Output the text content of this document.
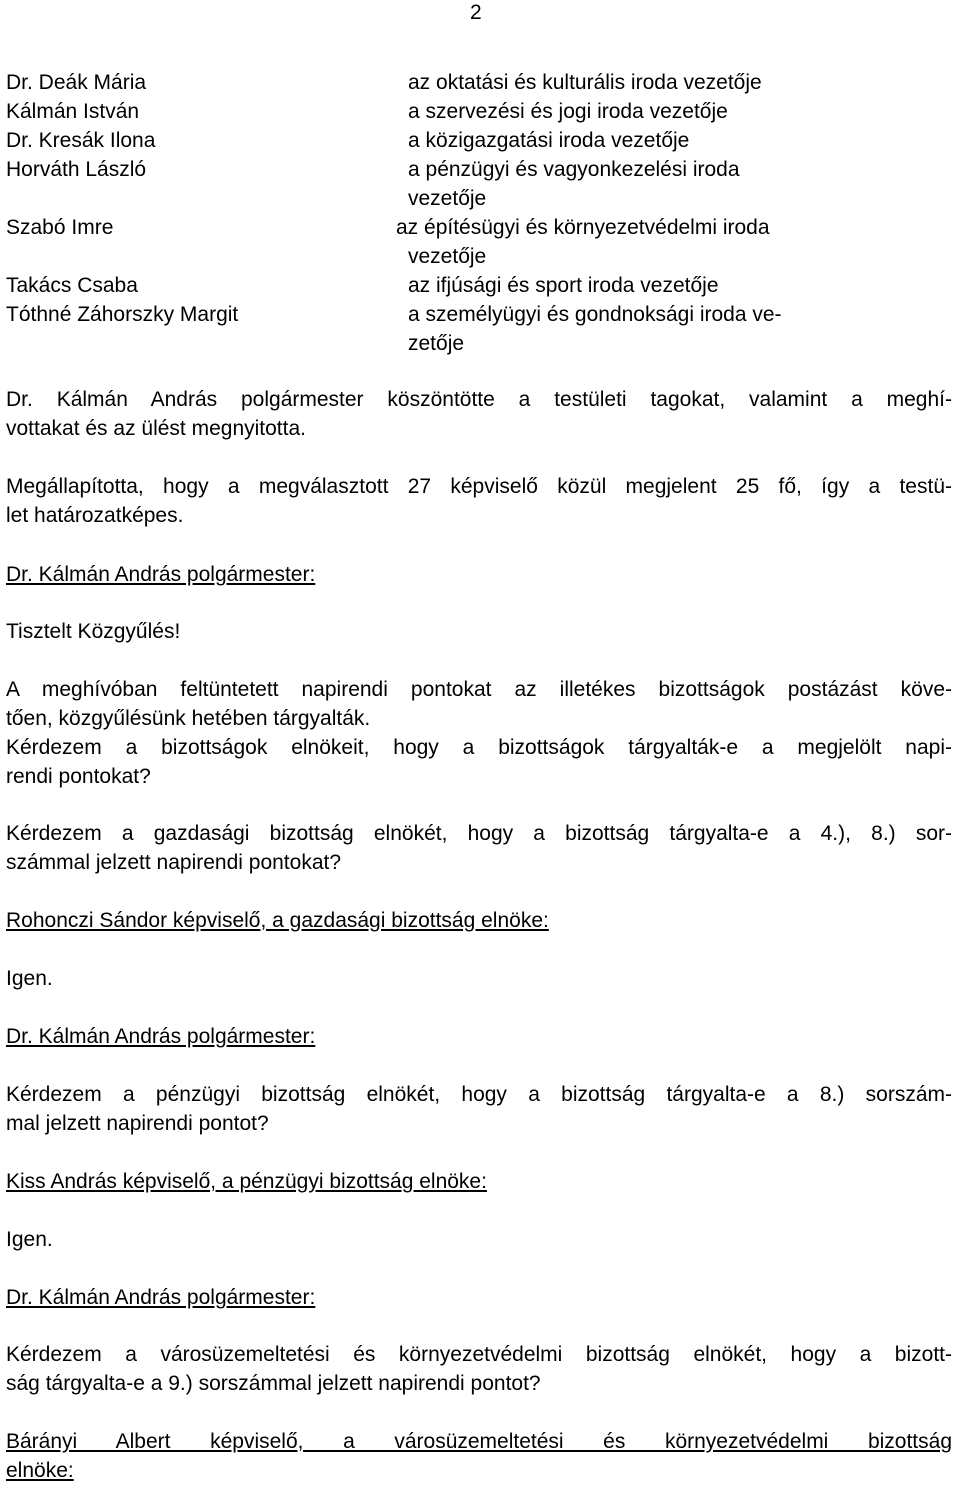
2
Dr. Deák Mária	az oktatási és kulturális iroda vezetője
Kálmán István	a szervezési és jogi iroda vezetője
Dr. Kresák Ilona	a közigazgatási iroda vezetője
Horváth László	a pénzügyi és vagyonkezelési iroda
vezetője
Szabó Imre	az építésügyi és környezetvédelmi iroda
vezetője
Takács Csaba	az ifjúsági és sport iroda vezetője
Tóthné Záhorszky Margit	a személyügyi és gondnoksági iroda ve-
zetője
Dr. Kálmán András polgármester köszöntötte a testületi tagokat, valamint a meghí-
vottakat és az ülést megnyitotta.
Megállapította, hogy a megválasztott 27 képviselő közül megjelent 25 fő, így a testü-
let határozatképes.
Dr. Kálmán András polgármester:
Tisztelt Közgyűlés!
A meghívóban feltüntetett napirendi pontokat az illetékes bizottságok postázást köve-
tően, közgyűlésünk hetében tárgyalták.
Kérdezem a bizottságok elnökeit, hogy a bizottságok tárgyalták-e a megjelölt napi-
rendi pontokat?
Kérdezem a gazdasági bizottság elnökét, hogy a bizottság tárgyalta-e a 4.), 8.) sor-
számmal jelzett napirendi pontokat?
Rohonczi Sándor képviselő, a gazdasági bizottság elnöke:
Igen.
Dr. Kálmán András polgármester:
Kérdezem a pénzügyi bizottság elnökét, hogy a bizottság tárgyalta-e a 8.) sorszám-
mal jelzett napirendi pontot?
Kiss András képviselő, a pénzügyi bizottság elnöke:
Igen.
Dr. Kálmán András polgármester:
Kérdezem a városüzemeltetési és környezetvédelmi bizottság elnökét, hogy a bizott-
ság tárgyalta-e a 9.) sorszámmal jelzett napirendi pontot?
Bárányi Albert képviselő, a városüzemeltetési és környezetvédelmi bizottság
elnöke:
